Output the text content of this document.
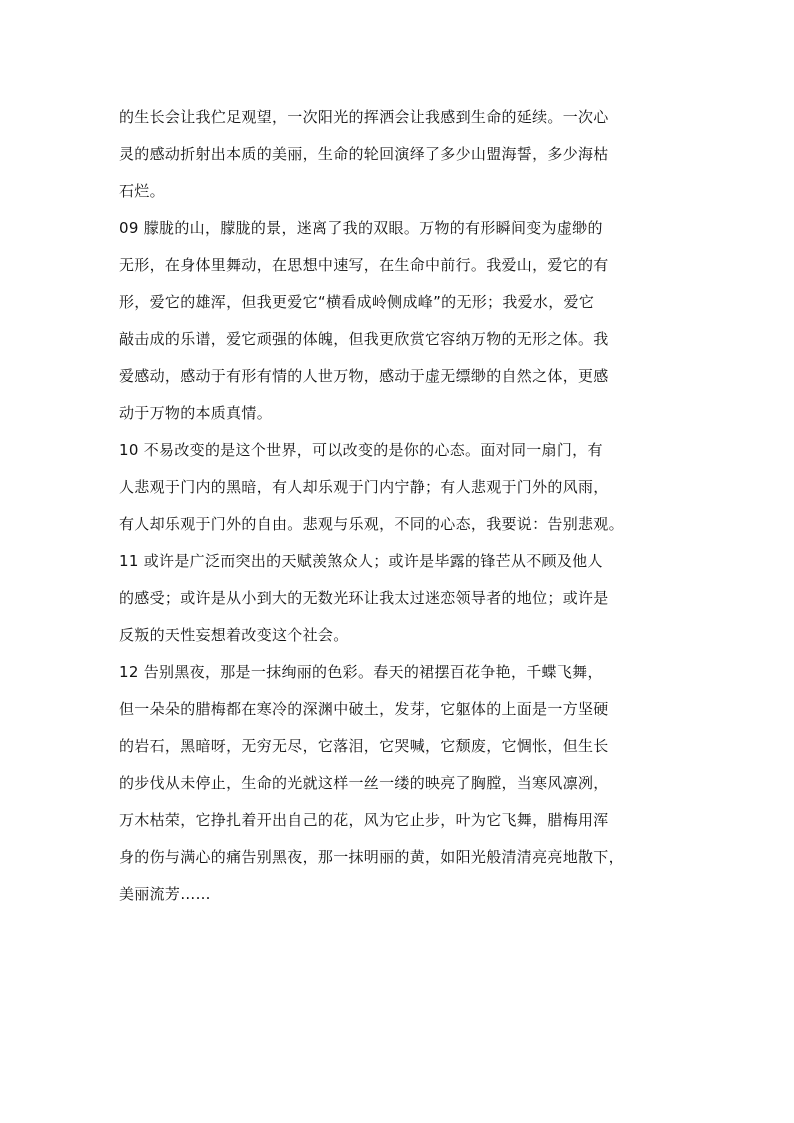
的生长会让我伫足观望，一次阳光的挥洒会让我感到生命的延续。一次心
灵的感动折射出本质的美丽，生命的轮回演绎了多少山盟海誓，多少海枯
石烂。
09 朦胧的山，朦胧的景，迷离了我的双眼。万物的有形瞬间变为虚缈的
无形，在身体里舞动，在思想中速写，在生命中前行。我爱山，爱它的有
形，爱它的雄浑，但我更爱它“横看成岭侧成峰”的无形；我爱水，爱它
敲击成的乐谱，爱它顽强的体魄，但我更欣赏它容纳万物的无形之体。我
爱感动，感动于有形有情的人世万物，感动于虚无缥缈的自然之体，更感
动于万物的本质真情。
10 不易改变的是这个世界，可以改变的是你的心态。面对同一扇门，有
人悲观于门内的黑暗，有人却乐观于门内宁静；有人悲观于门外的风雨，
有人却乐观于门外的自由。悲观与乐观，不同的心态，我要说：告别悲观。
11 或许是广泛而突出的天赋羡煞众人；或许是毕露的锋芒从不顾及他人
的感受；或许是从小到大的无数光环让我太过迷恋领导者的地位；或许是
反叛的天性妄想着改变这个社会。
12 告别黑夜，那是一抹绚丽的色彩。春天的裙摆百花争艳，千蝶飞舞，
但一朵朵的腊梅都在寒冷的深渊中破土，发芽，它躯体的上面是一方坚硬
的岩石，黑暗呀，无穷无尽，它落泪，它哭喊，它颓废，它惆怅，但生长
的步伐从未停止，生命的光就这样一丝一缕的映亮了胸膛，当寒风凛冽，
万木枯荣，它挣扎着开出自己的花，风为它止步，叶为它飞舞，腊梅用浑
身的伤与满心的痛告别黑夜，那一抹明丽的黄，如阳光般清清亮亮地散下，
美丽流芳……
